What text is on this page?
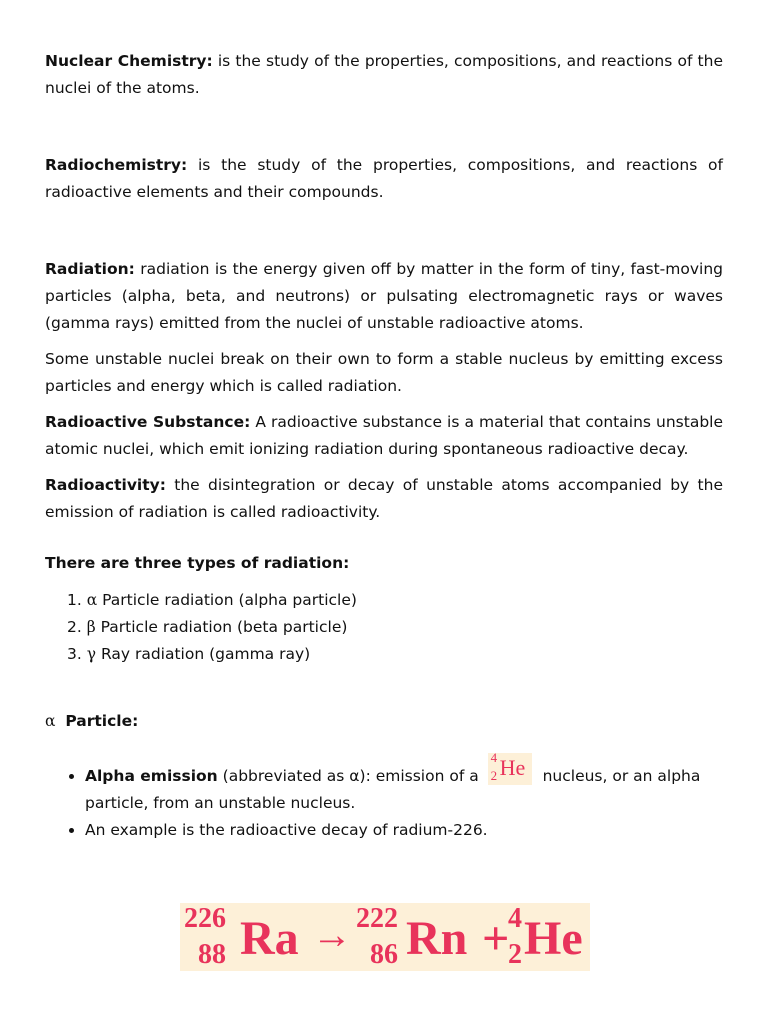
Nuclear Chemistry: is the study of the properties, compositions, and reactions of the nuclei of the atoms.

Radiochemistry: is the study of the properties, compositions, and reactions of radioactive elements and their compounds.

Radiation: radiation is the energy given off by matter in the form of tiny, fast-moving particles (alpha, beta, and neutrons) or pulsating electromagnetic rays or waves (gamma rays) emitted from the nuclei of unstable radioactive atoms.

Some unstable nuclei break on their own to form a stable nucleus by emitting excess particles and energy which is called radiation.

Radioactive Substance: A radioactive substance is a material that contains unstable atomic nuclei, which emit ionizing radiation during spontaneous radioactive decay.

Radioactivity: the disintegration or decay of unstable atoms accompanied by the emission of radiation is called radioactivity.

There are three types of radiation:

1. α Particle radiation (alpha particle)
2. β Particle radiation (beta particle)
3. γ Ray radiation (gamma ray)

α Particle:

• Alpha emission (abbreviated as α): emission of a
4
2 He nucleus, or an alpha particle, from an unstable nucleus.
• An example is the radioactive decay of radium-226.
226
88 Ra → 222
86 Rn +
4
2 He
